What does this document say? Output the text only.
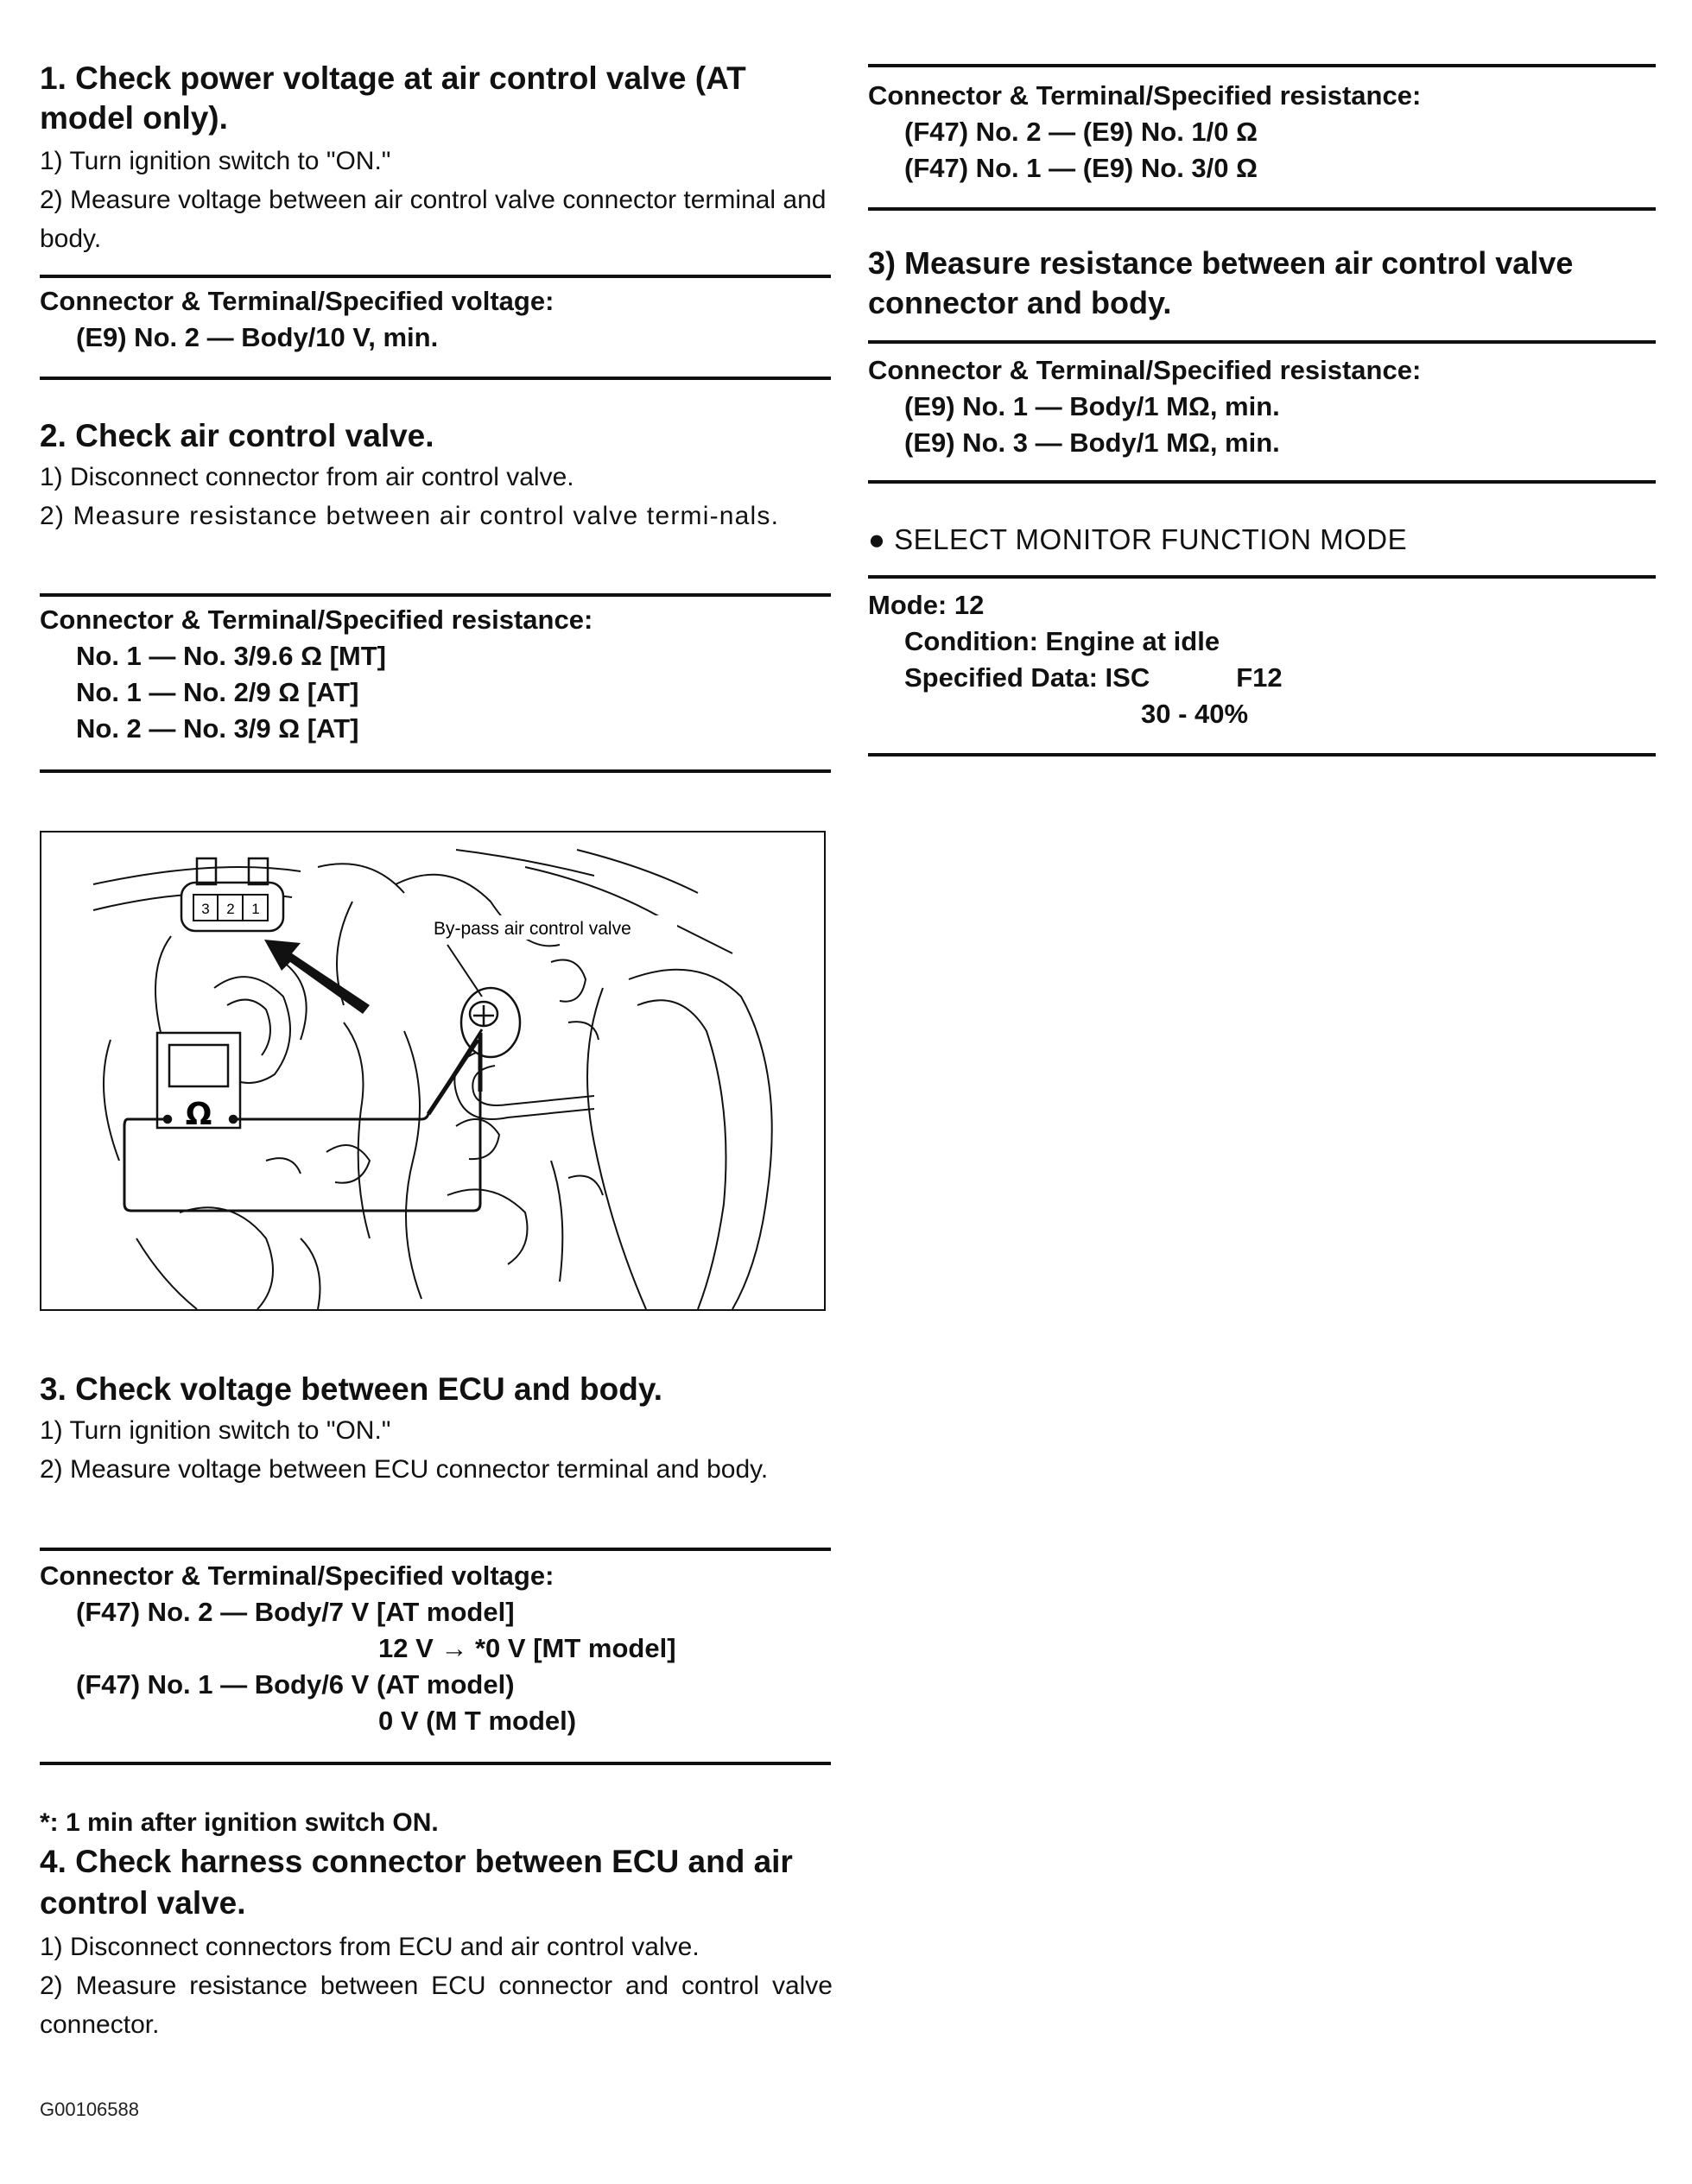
1. Check power voltage at air control valve (AT model only).

1) Turn ignition switch to "ON."

2) Measure voltage between air control valve connector terminal and body.

Connector & Terminal/Specified voltage:

(E9) No. 2 — Body/10 V, min.

2. Check air control valve.

1) Disconnect connector from air control valve.

2) Measure resistance between air control valve termi-nals.

Connector & Terminal/Specified resistance:

No. 1 — No. 3/9.6 Ω [MT]

No. 1 — No. 2/9 Ω [AT]

No. 2 — No. 3/9 Ω [AT]

3 2 1
Ω
By-pass air control valve

3. Check voltage between ECU and body.

1) Turn ignition switch to "ON."

2) Measure voltage between ECU connector terminal and body.

Connector & Terminal/Specified voltage:

(F47) No. 2 — Body/7 V [AT model]

12 V → *0 V [MT model]

(F47) No. 1 — Body/6 V (AT model)

0 V (M T model)

*: 1 min after ignition switch ON.

4. Check harness connector between ECU and air control valve.

1) Disconnect connectors from ECU and air control valve.

2) Measure resistance between ECU connector and control valve connector.

G00106588

Connector & Terminal/Specified resistance:

(F47) No. 2 — (E9) No. 1/0 Ω

(F47) No. 1 — (E9) No. 3/0 Ω

3) Measure resistance between air control valve connector and body.

Connector & Terminal/Specified resistance:

(E9) No. 1 — Body/1 MΩ, min.

(E9) No. 3 — Body/1 MΩ, min.

● SELECT MONITOR FUNCTION MODE

Mode: 12

Condition: Engine at idle

Specified Data: ISC	F12

30 - 40%
